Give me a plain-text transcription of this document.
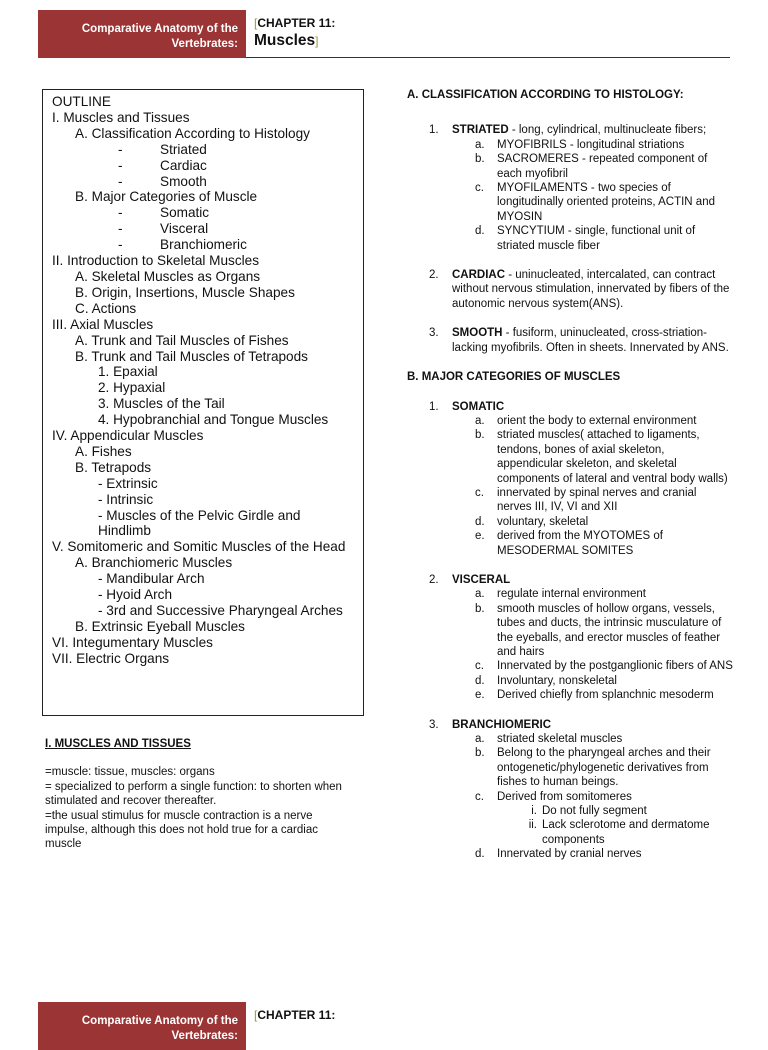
Comparative Anatomy of the
Vertebrates:
[CHAPTER 11:
Muscles]
OUTLINE
I. Muscles and Tissues
A. Classification According to Histology
-	Striated
-	Cardiac
-	Smooth
B. Major Categories of Muscle
-	Somatic
-	Visceral
-	Branchiomeric
II. Introduction to Skeletal Muscles
A. Skeletal Muscles as Organs
B. Origin, Insertions, Muscle Shapes
C. Actions
III. Axial Muscles
A. Trunk and Tail Muscles of Fishes
B. Trunk and Tail Muscles of Tetrapods
1. Epaxial
2. Hypaxial
3. Muscles of the Tail
4. Hypobranchial and Tongue Muscles
IV. Appendicular Muscles
A. Fishes
B. Tetrapods
- Extrinsic
- Intrinsic
- Muscles of the Pelvic Girdle and Hindlimb
V. Somitomeric and Somitic Muscles of the Head
A. Branchiomeric Muscles
- Mandibular Arch
- Hyoid Arch
- 3rd and Successive Pharyngeal Arches
B. Extrinsic Eyeball Muscles
VI. Integumentary Muscles
VII. Electric Organs
I. MUSCLES AND TISSUES

=muscle: tissue, muscles: organs

= specialized to perform a single function: to shorten when stimulated and recover thereafter.

=the usual stimulus for muscle contraction is a nerve impulse, although this does not hold true for a cardiac muscle

A. CLASSIFICATION ACCORDING TO HISTOLOGY:
1. STRIATED - long, cylindrical, multinucleate fibers;
a. MYOFIBRILS - longitudinal striations
b. SACROMERES - repeated component of each myofibril
c. MYOFILAMENTS - two species of longitudinally oriented proteins, ACTIN and MYOSIN
d. SYNCYTIUM - single, functional unit of striated muscle fiber
2. CARDIAC - uninucleated, intercalated, can contract without nervous stimulation, innervated by fibers of the autonomic nervous system(ANS).
3. SMOOTH - fusiform, uninucleated, cross-striation-lacking myofibrils. Often in sheets. Innervated by ANS.
B. MAJOR CATEGORIES OF MUSCLES
1. SOMATIC
a. orient the body to external environment
b. striated muscles( attached to ligaments, tendons, bones of axial skeleton, appendicular skeleton, and skeletal components of lateral and ventral body walls)
c. innervated by spinal nerves and cranial nerves III, IV, VI and XII
d. voluntary, skeletal
e. derived from the MYOTOMES of MESODERMAL SOMITES
2. VISCERAL
a. regulate internal environment
b. smooth muscles of hollow organs, vessels, tubes and ducts, the intrinsic musculature of the eyeballs, and erector muscles of feather and hairs
c. Innervated by the postganglionic fibers of ANS
d. Involuntary, nonskeletal
e. Derived chiefly from splanchnic mesoderm
3. BRANCHIOMERIC
a. striated skeletal muscles
b. Belong to the pharyngeal arches and their ontogenetic/phylogenetic derivatives from fishes to human beings.
c. Derived from somitomeres
i. Do not fully segment
ii. Lack sclerotome and dermatome components
d. Innervated by cranial nerves
Comparative Anatomy of the
Vertebrates:
[CHAPTER 11:
